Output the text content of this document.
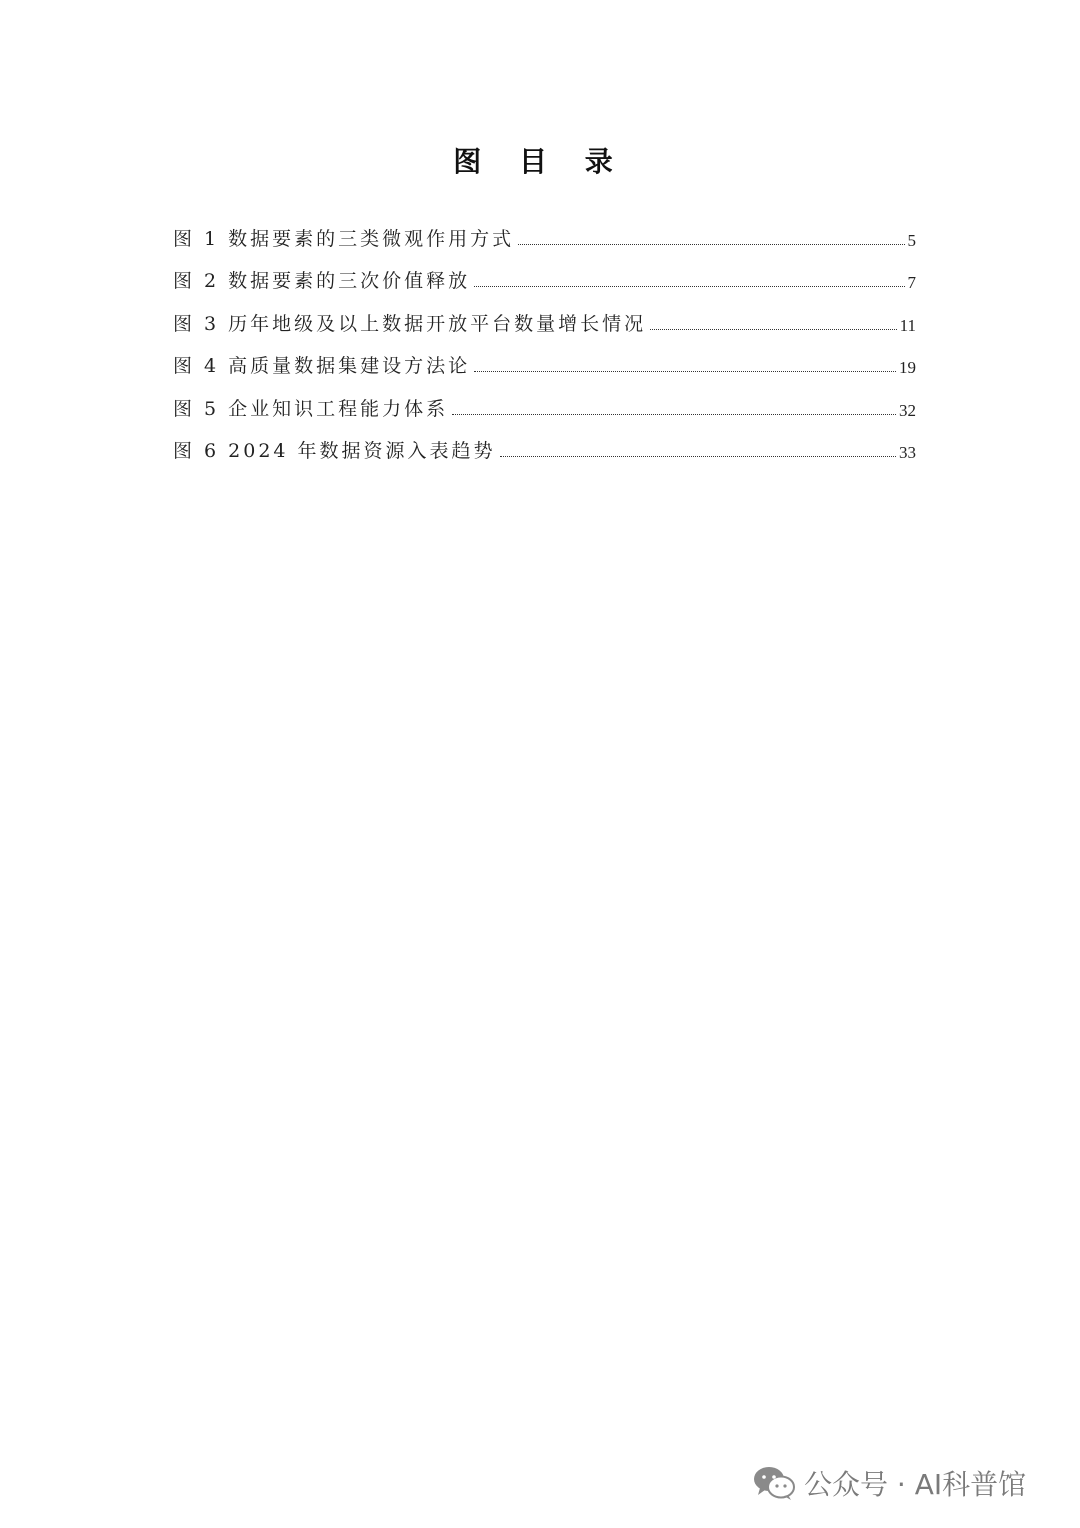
图 目 录
图 1 数据要素的三类微观作用方式	5
图 2 数据要素的三次价值释放	7
图 3 历年地级及以上数据开放平台数量增长情况	11
图 4 高质量数据集建设方法论	19
图 5 企业知识工程能力体系	32
图 6 2024 年数据资源入表趋势	33
公众号 · AI科普馆
